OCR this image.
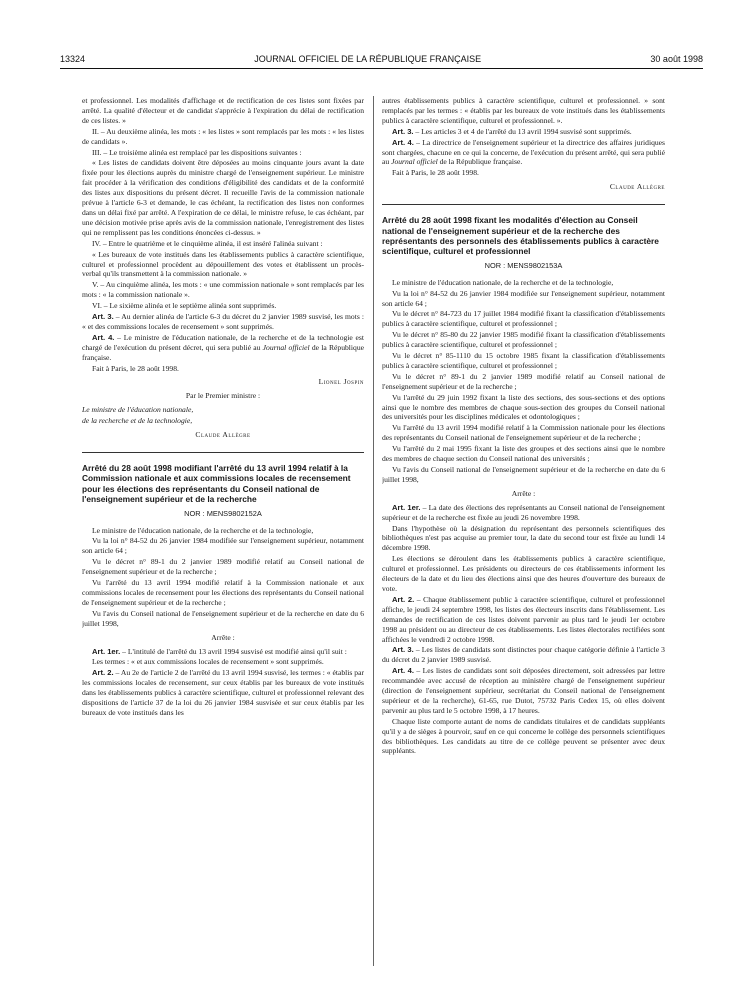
13324	JOURNAL OFFICIEL DE LA RÉPUBLIQUE FRANÇAISE	30 août 1998

et professionnel. Les modalités d'affichage et de rectification de ces listes sont fixées par arrêté. La qualité d'électeur et de candidat s'apprécie à l'expiration du délai de rectification de ces listes. »

II. – Au deuxième alinéa, les mots : « les listes » sont remplacés par les mots : « les listes de candidats ».

III. – Le troisième alinéa est remplacé par les dispositions suivantes :

« Les listes de candidats doivent être déposées au moins cinquante jours avant la date fixée pour les élections auprès du ministre chargé de l'enseignement supérieur. Le ministre fait procéder à la vérification des conditions d'éligibilité des candidats et de la conformité des listes aux dispositions du présent décret. Il recueille l'avis de la commission nationale prévue à l'article 6-3 et demande, le cas échéant, la rectification des listes non conformes dans un délai fixé par arrêté. A l'expiration de ce délai, le ministre refuse, le cas échéant, par une décision motivée prise après avis de la commission nationale, l'enregistrement des listes qui ne remplissent pas les conditions énoncées ci-dessus. »

IV. – Entre le quatrième et le cinquième alinéa, il est inséré l'alinéa suivant :

« Les bureaux de vote institués dans les établissements publics à caractère scientifique, culturel et professionnel procèdent au dépouillement des votes et établissent un procès-verbal qu'ils transmettent à la commission nationale. »

V. – Au cinquième alinéa, les mots : « une commission nationale » sont remplacés par les mots : « la commission nationale ».

VI. – Le sixième alinéa et le septième alinéa sont supprimés.

Art. 3. – Au dernier alinéa de l'article 6-3 du décret du 2 janvier 1989 susvisé, les mots : « et des commissions locales de recensement » sont supprimés.

Art. 4. – Le ministre de l'éducation nationale, de la recherche et de la technologie est chargé de l'exécution du présent décret, qui sera publié au Journal officiel de la République française.

Fait à Paris, le 28 août 1998.

Lionel Jospin

Par le Premier ministre :

Le ministre de l'éducation nationale,

de la recherche et de la technologie,

Claude Allègre

Arrêté du 28 août 1998 modifiant l'arrêté du 13 avril 1994 relatif à la Commission nationale et aux commissions locales de recensement pour les élections des représentants du Conseil national de l'enseignement supérieur et de la recherche
NOR : MENS9802152A

Le ministre de l'éducation nationale, de la recherche et de la technologie,

Vu la loi n° 84-52 du 26 janvier 1984 modifiée sur l'enseignement supérieur, notamment son article 64 ;

Vu le décret n° 89-1 du 2 janvier 1989 modifié relatif au Conseil national de l'enseignement supérieur et de la recherche ;

Vu l'arrêté du 13 avril 1994 modifié relatif à la Commission nationale et aux commissions locales de recensement pour les élections des représentants du Conseil national de l'enseignement supérieur et de la recherche ;

Vu l'avis du Conseil national de l'enseignement supérieur et de la recherche en date du 6 juillet 1998,

Arrête :

Art. 1er. – L'intitulé de l'arrêté du 13 avril 1994 susvisé est modifié ainsi qu'il suit :

Les termes : « et aux commissions locales de recensement » sont supprimés.

Art. 2. – Au 2e de l'article 2 de l'arrêté du 13 avril 1994 susvisé, les termes : « établis par les commissions locales de recensement, sur ceux établis par les bureaux de vote institués dans les établissements publics à caractère scientifique, culturel et professionnel relevant des dispositions de l'article 37 de la loi du 26 janvier 1984 susvisée et sur ceux établis par les bureaux de vote institués dans les

autres établissements publics à caractère scientifique, culturel et professionnel. » sont remplacés par les termes : « établis par les bureaux de vote institués dans les établissements publics à caractère scientifique, culturel et professionnel. ».

Art. 3. – Les articles 3 et 4 de l'arrêté du 13 avril 1994 susvisé sont supprimés.

Art. 4. – La directrice de l'enseignement supérieur et la directrice des affaires juridiques sont chargées, chacune en ce qui la concerne, de l'exécution du présent arrêté, qui sera publié au Journal officiel de la République française.

Fait à Paris, le 28 août 1998.

Claude Allègre

Arrêté du 28 août 1998 fixant les modalités d'élection au Conseil national de l'enseignement supérieur et de la recherche des représentants des personnels des établissements publics à caractère scientifique, culturel et professionnel
NOR : MENS9802153A

Le ministre de l'éducation nationale, de la recherche et de la technologie,

Vu la loi n° 84-52 du 26 janvier 1984 modifiée sur l'enseignement supérieur, notamment son article 64 ;

Vu le décret n° 84-723 du 17 juillet 1984 modifié fixant la classification d'établissements publics à caractère scientifique, culturel et professionnel ;

Vu le décret n° 85-80 du 22 janvier 1985 modifié fixant la classification d'établissements publics à caractère scientifique, culturel et professionnel ;

Vu le décret n° 85-1110 du 15 octobre 1985 fixant la classification d'établissements publics à caractère scientifique, culturel et professionnel ;

Vu le décret n° 89-1 du 2 janvier 1989 modifié relatif au Conseil national de l'enseignement supérieur et de la recherche ;

Vu l'arrêté du 29 juin 1992 fixant la liste des sections, des sous-sections et des options ainsi que le nombre des membres de chaque sous-section des groupes du Conseil national des universités pour les disciplines médicales et odontologiques ;

Vu l'arrêté du 13 avril 1994 modifié relatif à la Commission nationale pour les élections des représentants du Conseil national de l'enseignement supérieur et de la recherche ;

Vu l'arrêté du 2 mai 1995 fixant la liste des groupes et des sections ainsi que le nombre des membres de chaque section du Conseil national des universités ;

Vu l'avis du Conseil national de l'enseignement supérieur et de la recherche en date du 6 juillet 1998,

Arrête :

Art. 1er. – La date des élections des représentants au Conseil national de l'enseignement supérieur et de la recherche est fixée au jeudi 26 novembre 1998.

Dans l'hypothèse où la désignation du représentant des personnels scientifiques des bibliothèques n'est pas acquise au premier tour, la date du second tour est fixée au lundi 14 décembre 1998.

Les élections se déroulent dans les établissements publics à caractère scientifique, culturel et professionnel. Les présidents ou directeurs de ces établissements informent les électeurs de la date et du lieu des élections ainsi que des heures d'ouverture des bureaux de vote.

Art. 2. – Chaque établissement public à caractère scientifique, culturel et professionnel affiche, le jeudi 24 septembre 1998, les listes des électeurs inscrits dans l'établissement. Les demandes de rectification de ces listes doivent parvenir au plus tard le jeudi 1er octobre 1998 au président ou au directeur de ces établissements. Les listes électorales rectifiées sont affichées le vendredi 2 octobre 1998.

Art. 3. – Les listes de candidats sont distinctes pour chaque catégorie définie à l'article 3 du décret du 2 janvier 1989 susvisé.

Art. 4. – Les listes de candidats sont soit déposées directement, soit adressées par lettre recommandée avec accusé de réception au ministère chargé de l'enseignement supérieur (direction de l'enseignement supérieur, secrétariat du Conseil national de l'enseignement supérieur et de la recherche), 61-65, rue Dutot, 75732 Paris Cedex 15, où elles doivent parvenir au plus tard le 5 octobre 1998, à 17 heures.

Chaque liste comporte autant de noms de candidats titulaires et de candidats suppléants qu'il y a de sièges à pourvoir, sauf en ce qui concerne le collège des personnels scientifiques des bibliothèques. Les candidats au titre de ce collège peuvent se présenter avec deux suppléants.
